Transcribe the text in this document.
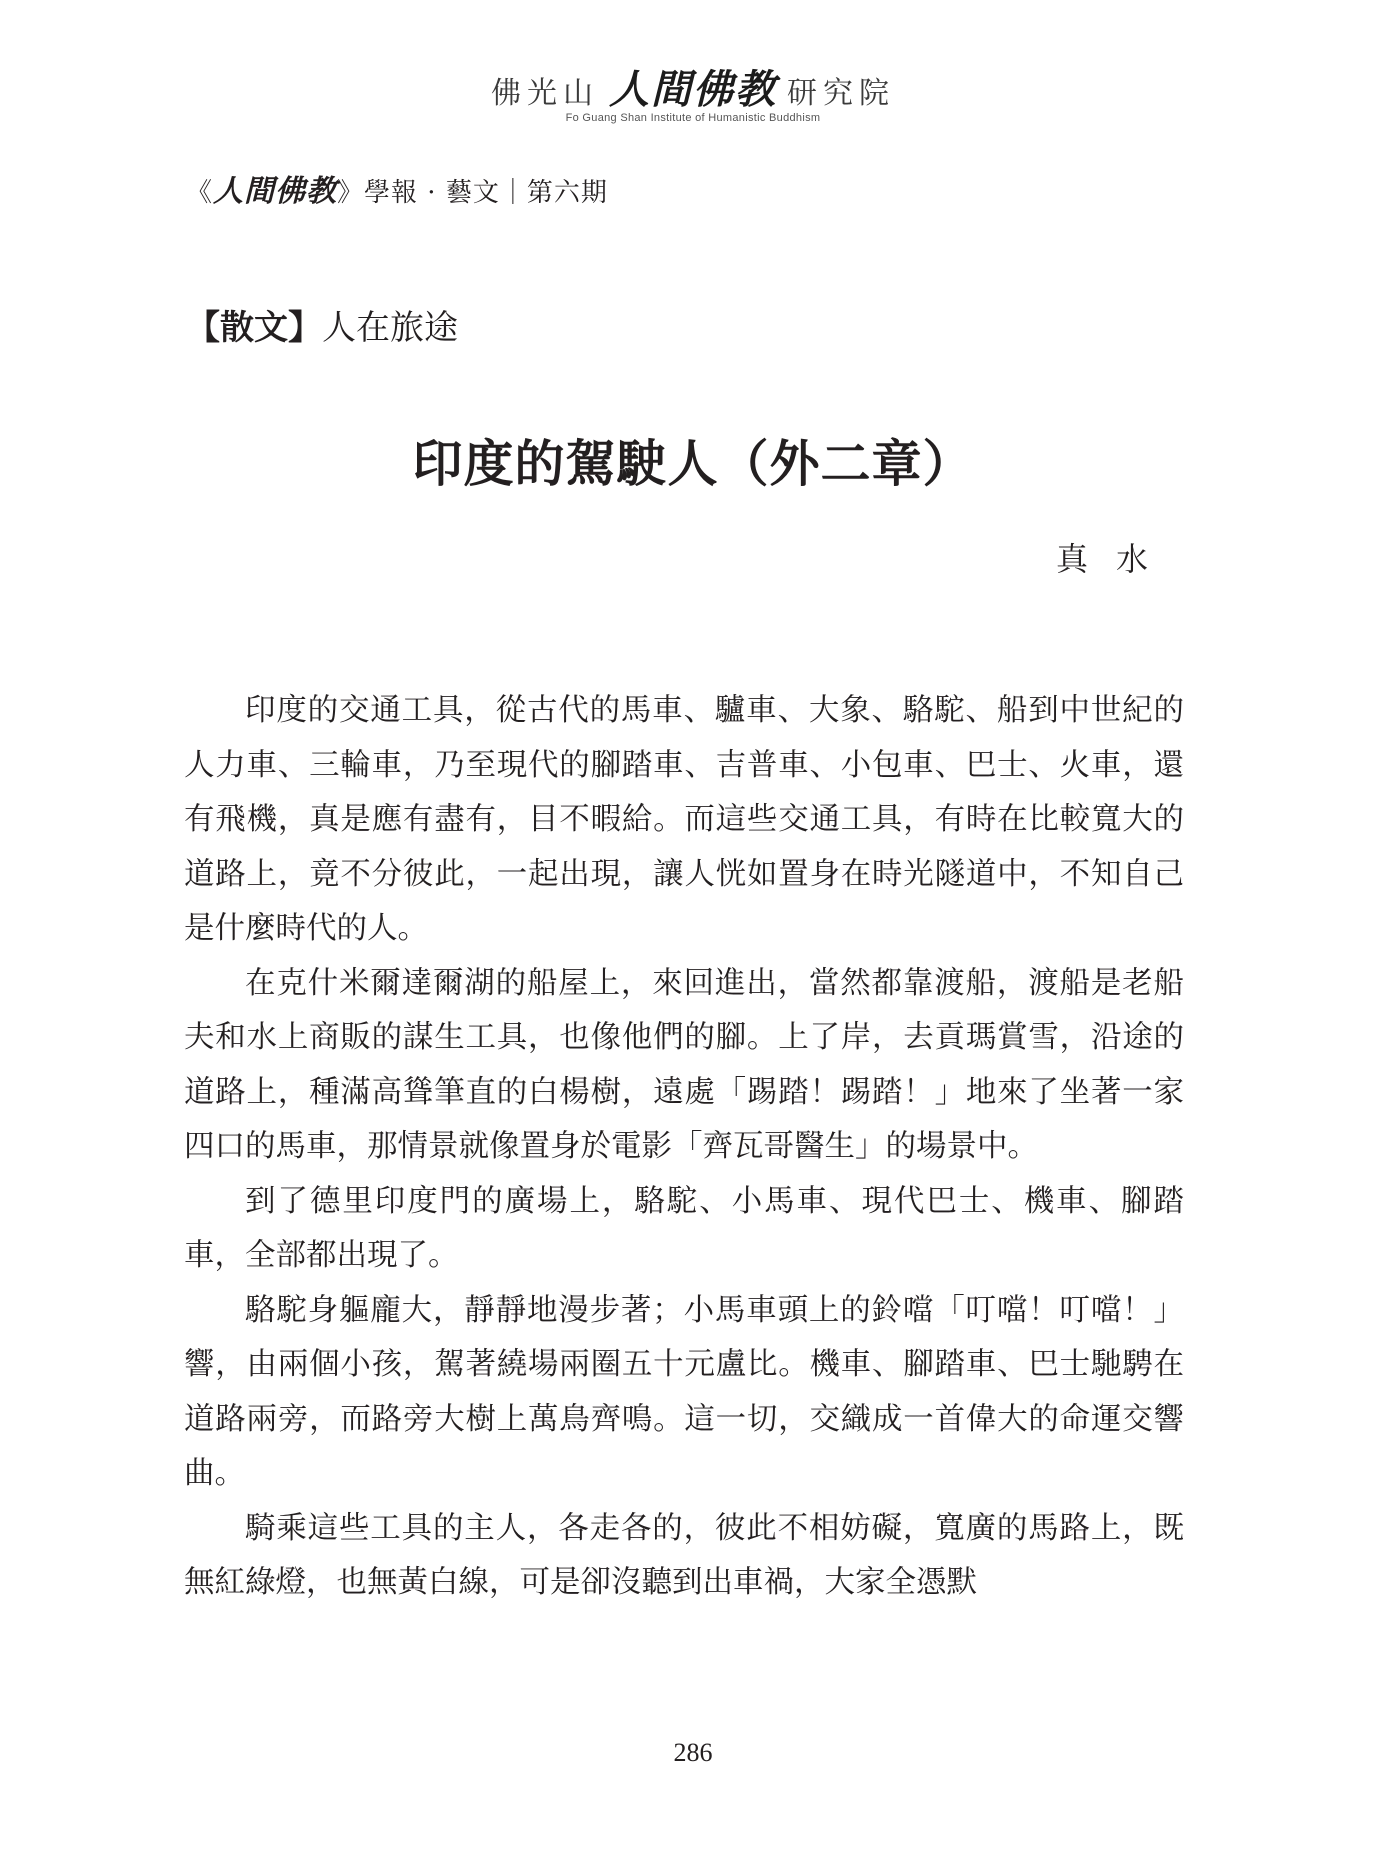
佛光山 人間佛教 研究院
Fo Guang Shan Institute of Humanistic Buddhism
《人間佛教》學報 · 藝文｜第六期
【散文】人在旅途
印度的駕駛人（外二章）
真水

印度的交通工具，從古代的馬車、驢車、大象、駱駝、船到中世紀的人力車、三輪車，乃至現代的腳踏車、吉普車、小包車、巴士、火車，還有飛機，真是應有盡有，目不暇給。而這些交通工具，有時在比較寬大的道路上，竟不分彼此，一起出現，讓人恍如置身在時光隧道中，不知自己是什麼時代的人。

在克什米爾達爾湖的船屋上，來回進出，當然都靠渡船，渡船是老船夫和水上商販的謀生工具，也像他們的腳。上了岸，去貢瑪賞雪，沿途的道路上，種滿高聳筆直的白楊樹，遠處「踢踏！踢踏！」地來了坐著一家四口的馬車，那情景就像置身於電影「齊瓦哥醫生」的場景中。

到了德里印度門的廣場上，駱駝、小馬車、現代巴士、機車、腳踏車，全部都出現了。

駱駝身軀龐大，靜靜地漫步著；小馬車頭上的鈴噹「叮噹！叮噹！」響，由兩個小孩，駕著繞場兩圈五十元盧比。機車、腳踏車、巴士馳騁在道路兩旁，而路旁大樹上萬鳥齊鳴。這一切，交織成一首偉大的命運交響曲。

騎乘這些工具的主人，各走各的，彼此不相妨礙，寬廣的馬路上，既無紅綠燈，也無黃白線，可是卻沒聽到出車禍，大家全憑默

286
